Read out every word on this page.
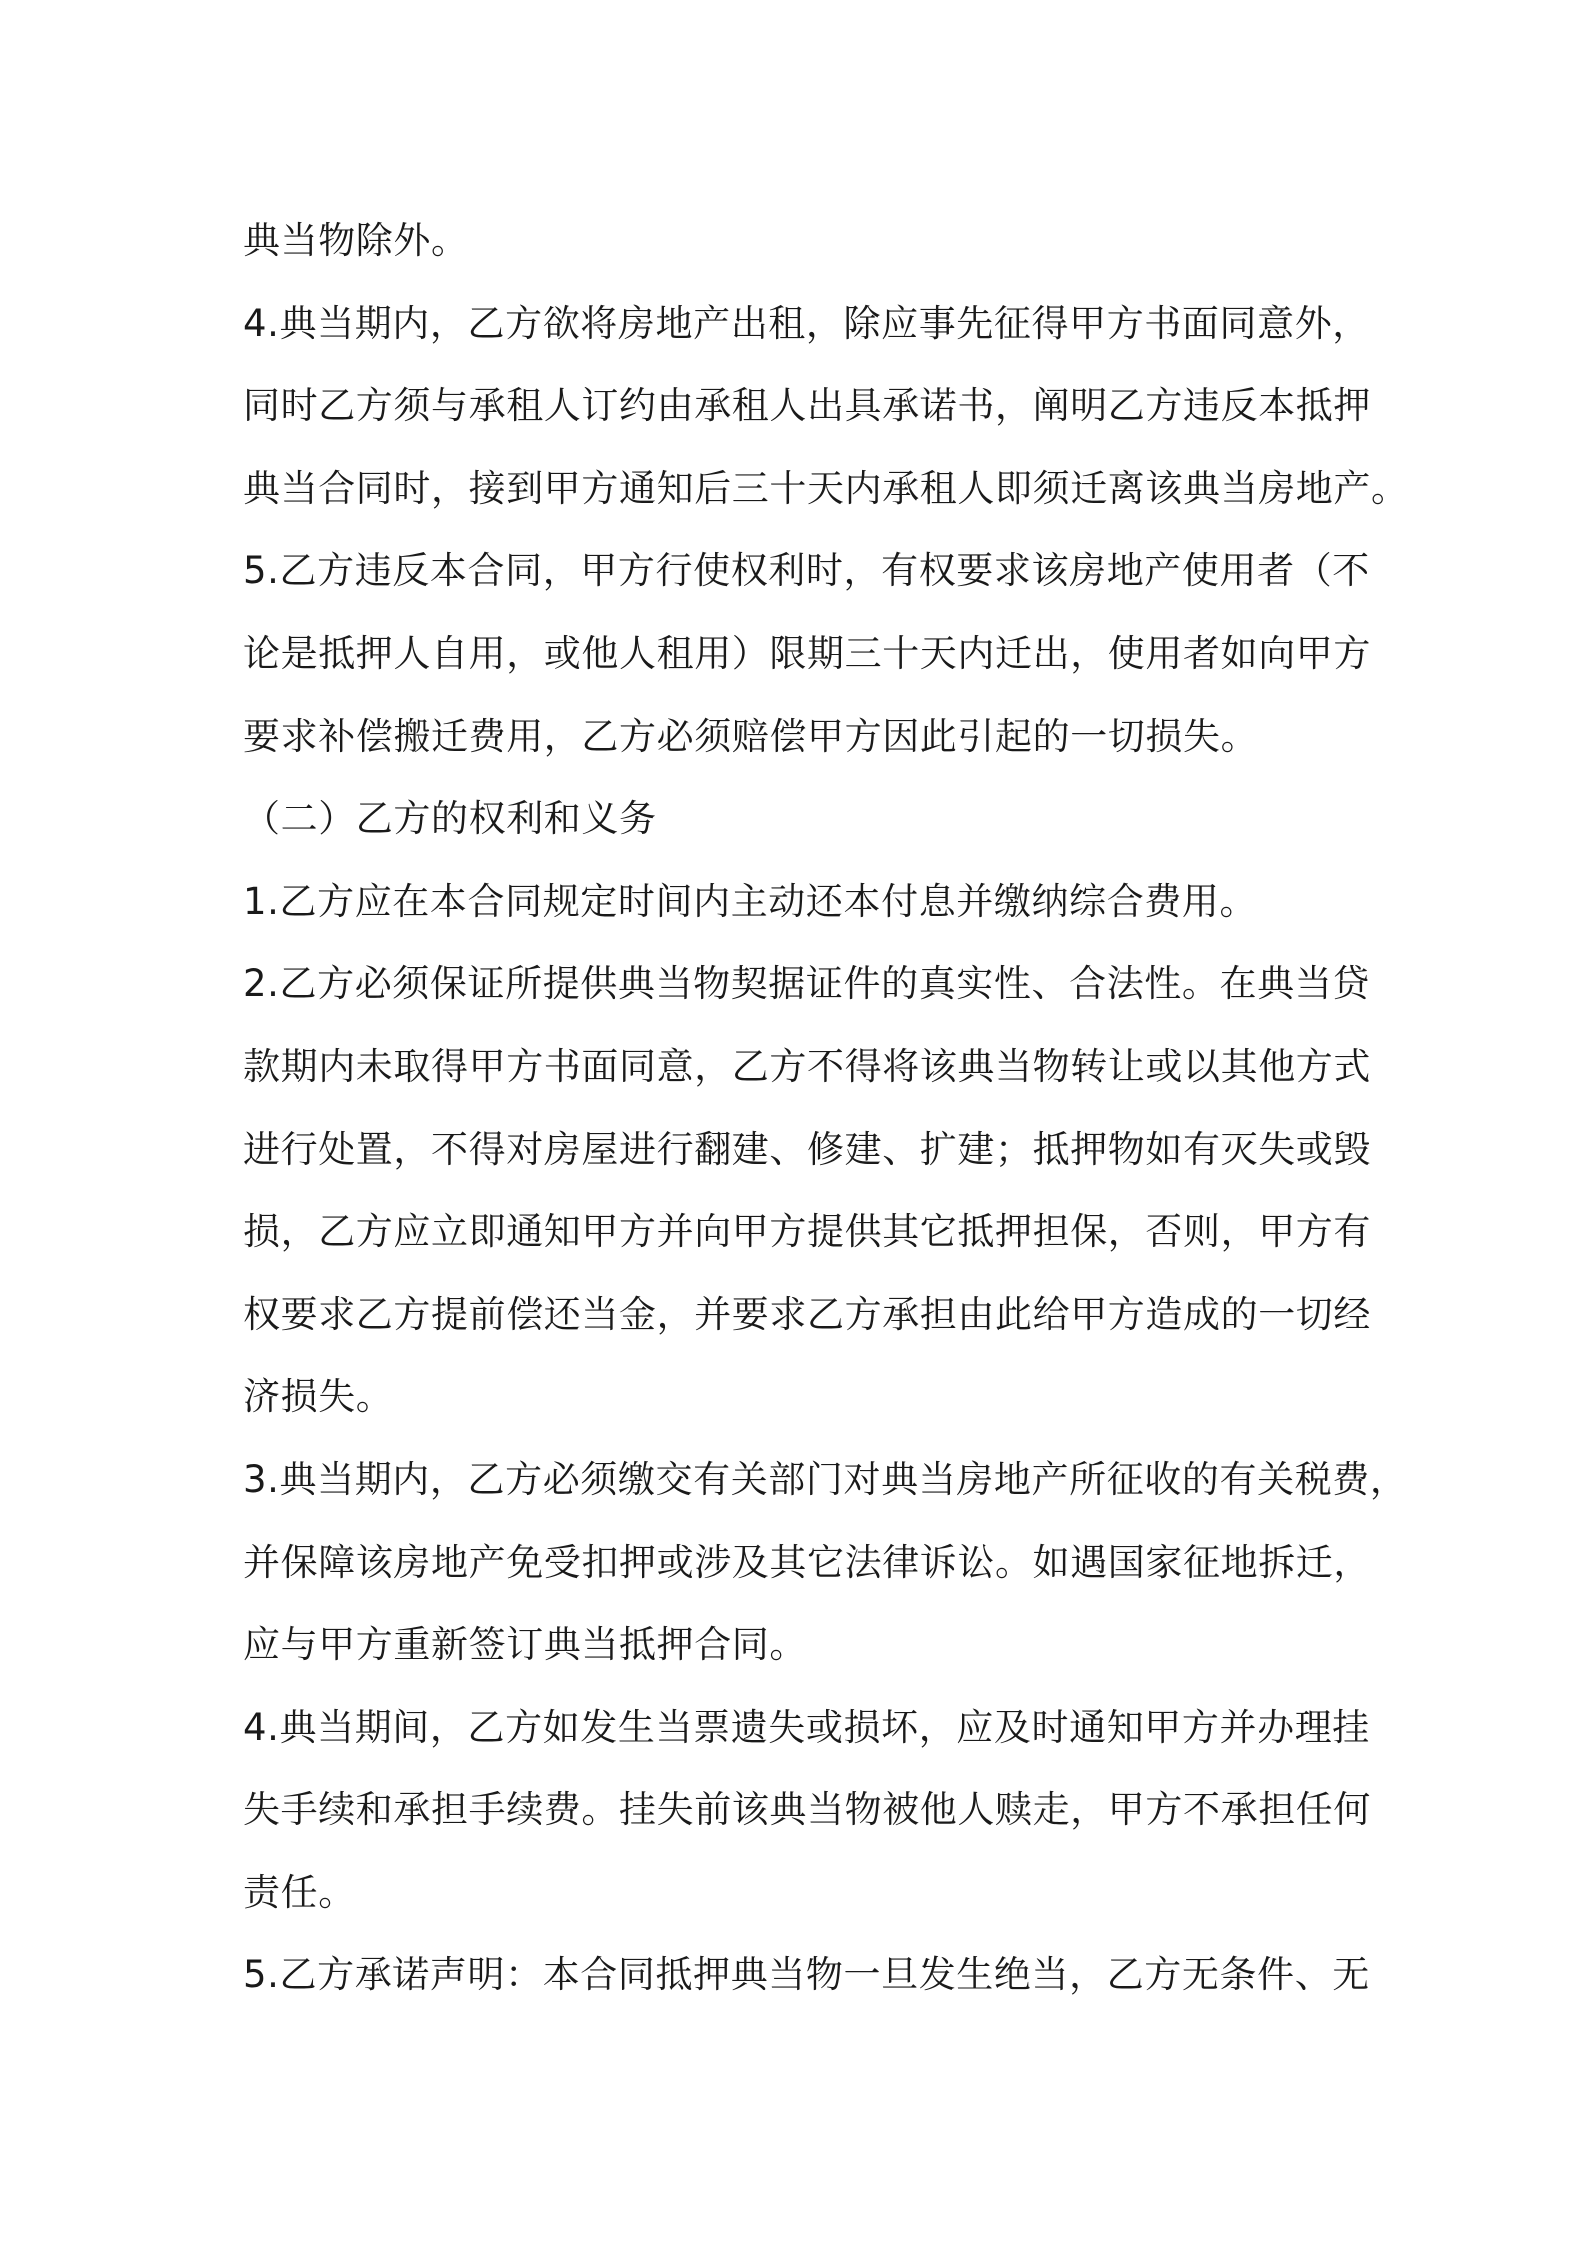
典当物除外。
4.典当期内，乙方欲将房地产出租，除应事先征得甲方书面同意外，
同时乙方须与承租人订约由承租人出具承诺书，阐明乙方违反本抵押
典当合同时，接到甲方通知后三十天内承租人即须迁离该典当房地产。
5.乙方违反本合同，甲方行使权利时，有权要求该房地产使用者（不
论是抵押人自用，或他人租用）限期三十天内迁出，使用者如向甲方
要求补偿搬迁费用，乙方必须赔偿甲方因此引起的一切损失。
（二）乙方的权利和义务
1.乙方应在本合同规定时间内主动还本付息并缴纳综合费用。
2.乙方必须保证所提供典当物契据证件的真实性、合法性。在典当贷
款期内未取得甲方书面同意，乙方不得将该典当物转让或以其他方式
进行处置，不得对房屋进行翻建、修建、扩建；抵押物如有灭失或毁
损，乙方应立即通知甲方并向甲方提供其它抵押担保，否则，甲方有
权要求乙方提前偿还当金，并要求乙方承担由此给甲方造成的一切经
济损失。
3.典当期内，乙方必须缴交有关部门对典当房地产所征收的有关税费，
并保障该房地产免受扣押或涉及其它法律诉讼。如遇国家征地拆迁，
应与甲方重新签订典当抵押合同。
4.典当期间，乙方如发生当票遗失或损坏，应及时通知甲方并办理挂
失手续和承担手续费。挂失前该典当物被他人赎走，甲方不承担任何
责任。
5.乙方承诺声明：本合同抵押典当物一旦发生绝当，乙方无条件、无
